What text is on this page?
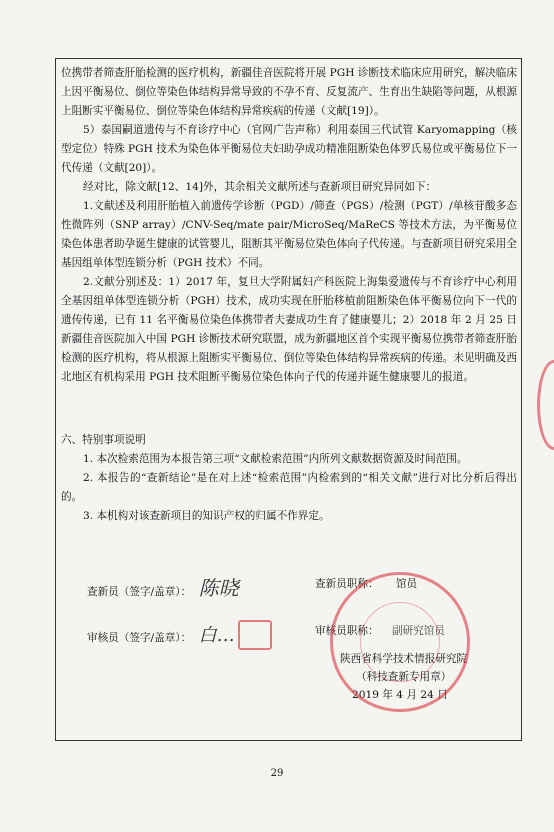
位携带者筛查肝胎检测的医疗机构，新疆佳音医院将开展 PGH 诊断技术临床应用研究，解决临床上因平衡易位、倒位等染色体结构异常导致的不孕不育、反复流产、生育出生缺陷等问题，从根源上阻断实平衡易位、倒位等染色体结构异常疾病的传递（文献[19]）。

5）泰国嗣道遗传与不育诊疗中心（官网广告声称）利用泰国三代试管 Karyomapping（核型定位）特殊 PGH 技术为染色体平衡易位夫妇助孕成功精准阻断染色体罗氏易位或平衡易位下一代传递（文献[20]）。

经对比，除文献[12、14]外，其余相关文献所述与查新项目研究异同如下：

1.文献述及利用肝胎植入前遗传学诊断（PGD）/筛查（PGS）/检测（PGT）/单核苷酸多态性微阵列（SNP array）/CNV-Seq/mate pair/MicroSeq/MaReCS 等技术方法，为平衡易位染色体患者助孕诞生健康的试管婴儿，阻断其平衡易位染色体向子代传递。与查新项目研究采用全基因组单体型连锁分析（PGH 技术）不同。

2.文献分别述及：1）2017 年，复旦大学附属妇产科医院上海集爱遗传与不育诊疗中心利用全基因组单体型连锁分析（PGH）技术，成功实现在肝胎移植前阻断染色体平衡易位向下一代的遗传传递，已有 11 名平衡易位染色体携带者夫妻成功生育了健康婴儿；2）2018 年 2 月 25 日新疆佳音医院加入中国 PGH 诊断技术研究联盟，成为新疆地区首个实现平衡易位携带者筛查肝胎检测的医疗机构，将从根源上阻断实平衡易位、倒位等染色体结构异常疾病的传递。未见明确及西北地区有机构采用 PGH 技术阻断平衡易位染色体向子代的传递并诞生健康婴儿的报道。

六、特别事项说明

1. 本次检索范围为本报告第三项“文献检索范围”内所列文献数据资源及时间范围。

2. 本报告的“查新结论”是在对上述“检索范围”内检索到的“相关文献”进行对比分析后得出的。

3. 本机构对该查新项目的知识产权的归属不作界定。

查新员（签字/盖章）： 陈晓	查新员职称： 馆员
审核员（签字/盖章）： 白…	审核员职称： 副研究馆员
陕西省科学技术情报研究院
（科技查新专用章）
2019 年 4 月 24 日
29
